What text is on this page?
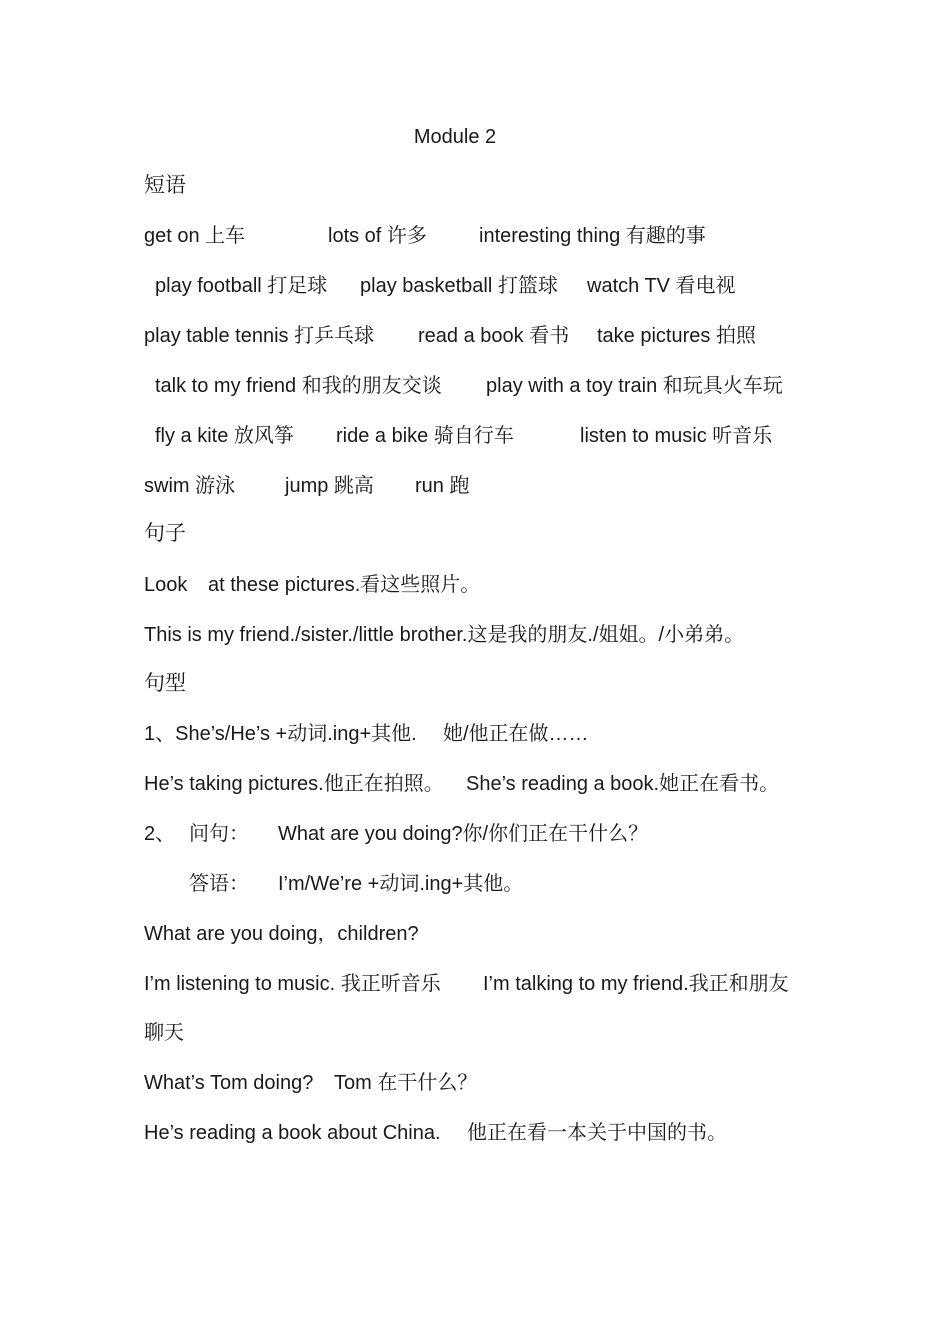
Module 2
短语
get on 上车	lots of 许多	interesting thing 有趣的事
play football 打足球 play basketball 打篮球 watch TV 看电视
play table tennis 打乒乓球 read a book 看书 take pictures 拍照
talk to my friend 和我的朋友交谈 play with a toy train 和玩具火车玩
fly a kite 放风筝 ride a bike 骑自行车	listen to music 听音乐
swim 游泳 jump 跳高 run 跑
句子
Look at these pictures.看这些照片。
This is my friend./sister./little brother.这是我的朋友./姐姐。/小弟弟。
句型
1、She’s/He’s +动词.ing+其他. 她/他正在做……
He’s taking pictures.他正在拍照。 She’s reading a book.她正在看书。
2、 问句： What are you doing?你/你们正在干什么？
答语： I’m/We’re +动词.ing+其他。
What are you doing，children?
I’m listening to music. 我正听音乐 I’m talking to my friend.我正和朋友
聊天
What’s Tom doing? Tom 在干什么？
He’s reading a book about China. 他正在看一本关于中国的书。
